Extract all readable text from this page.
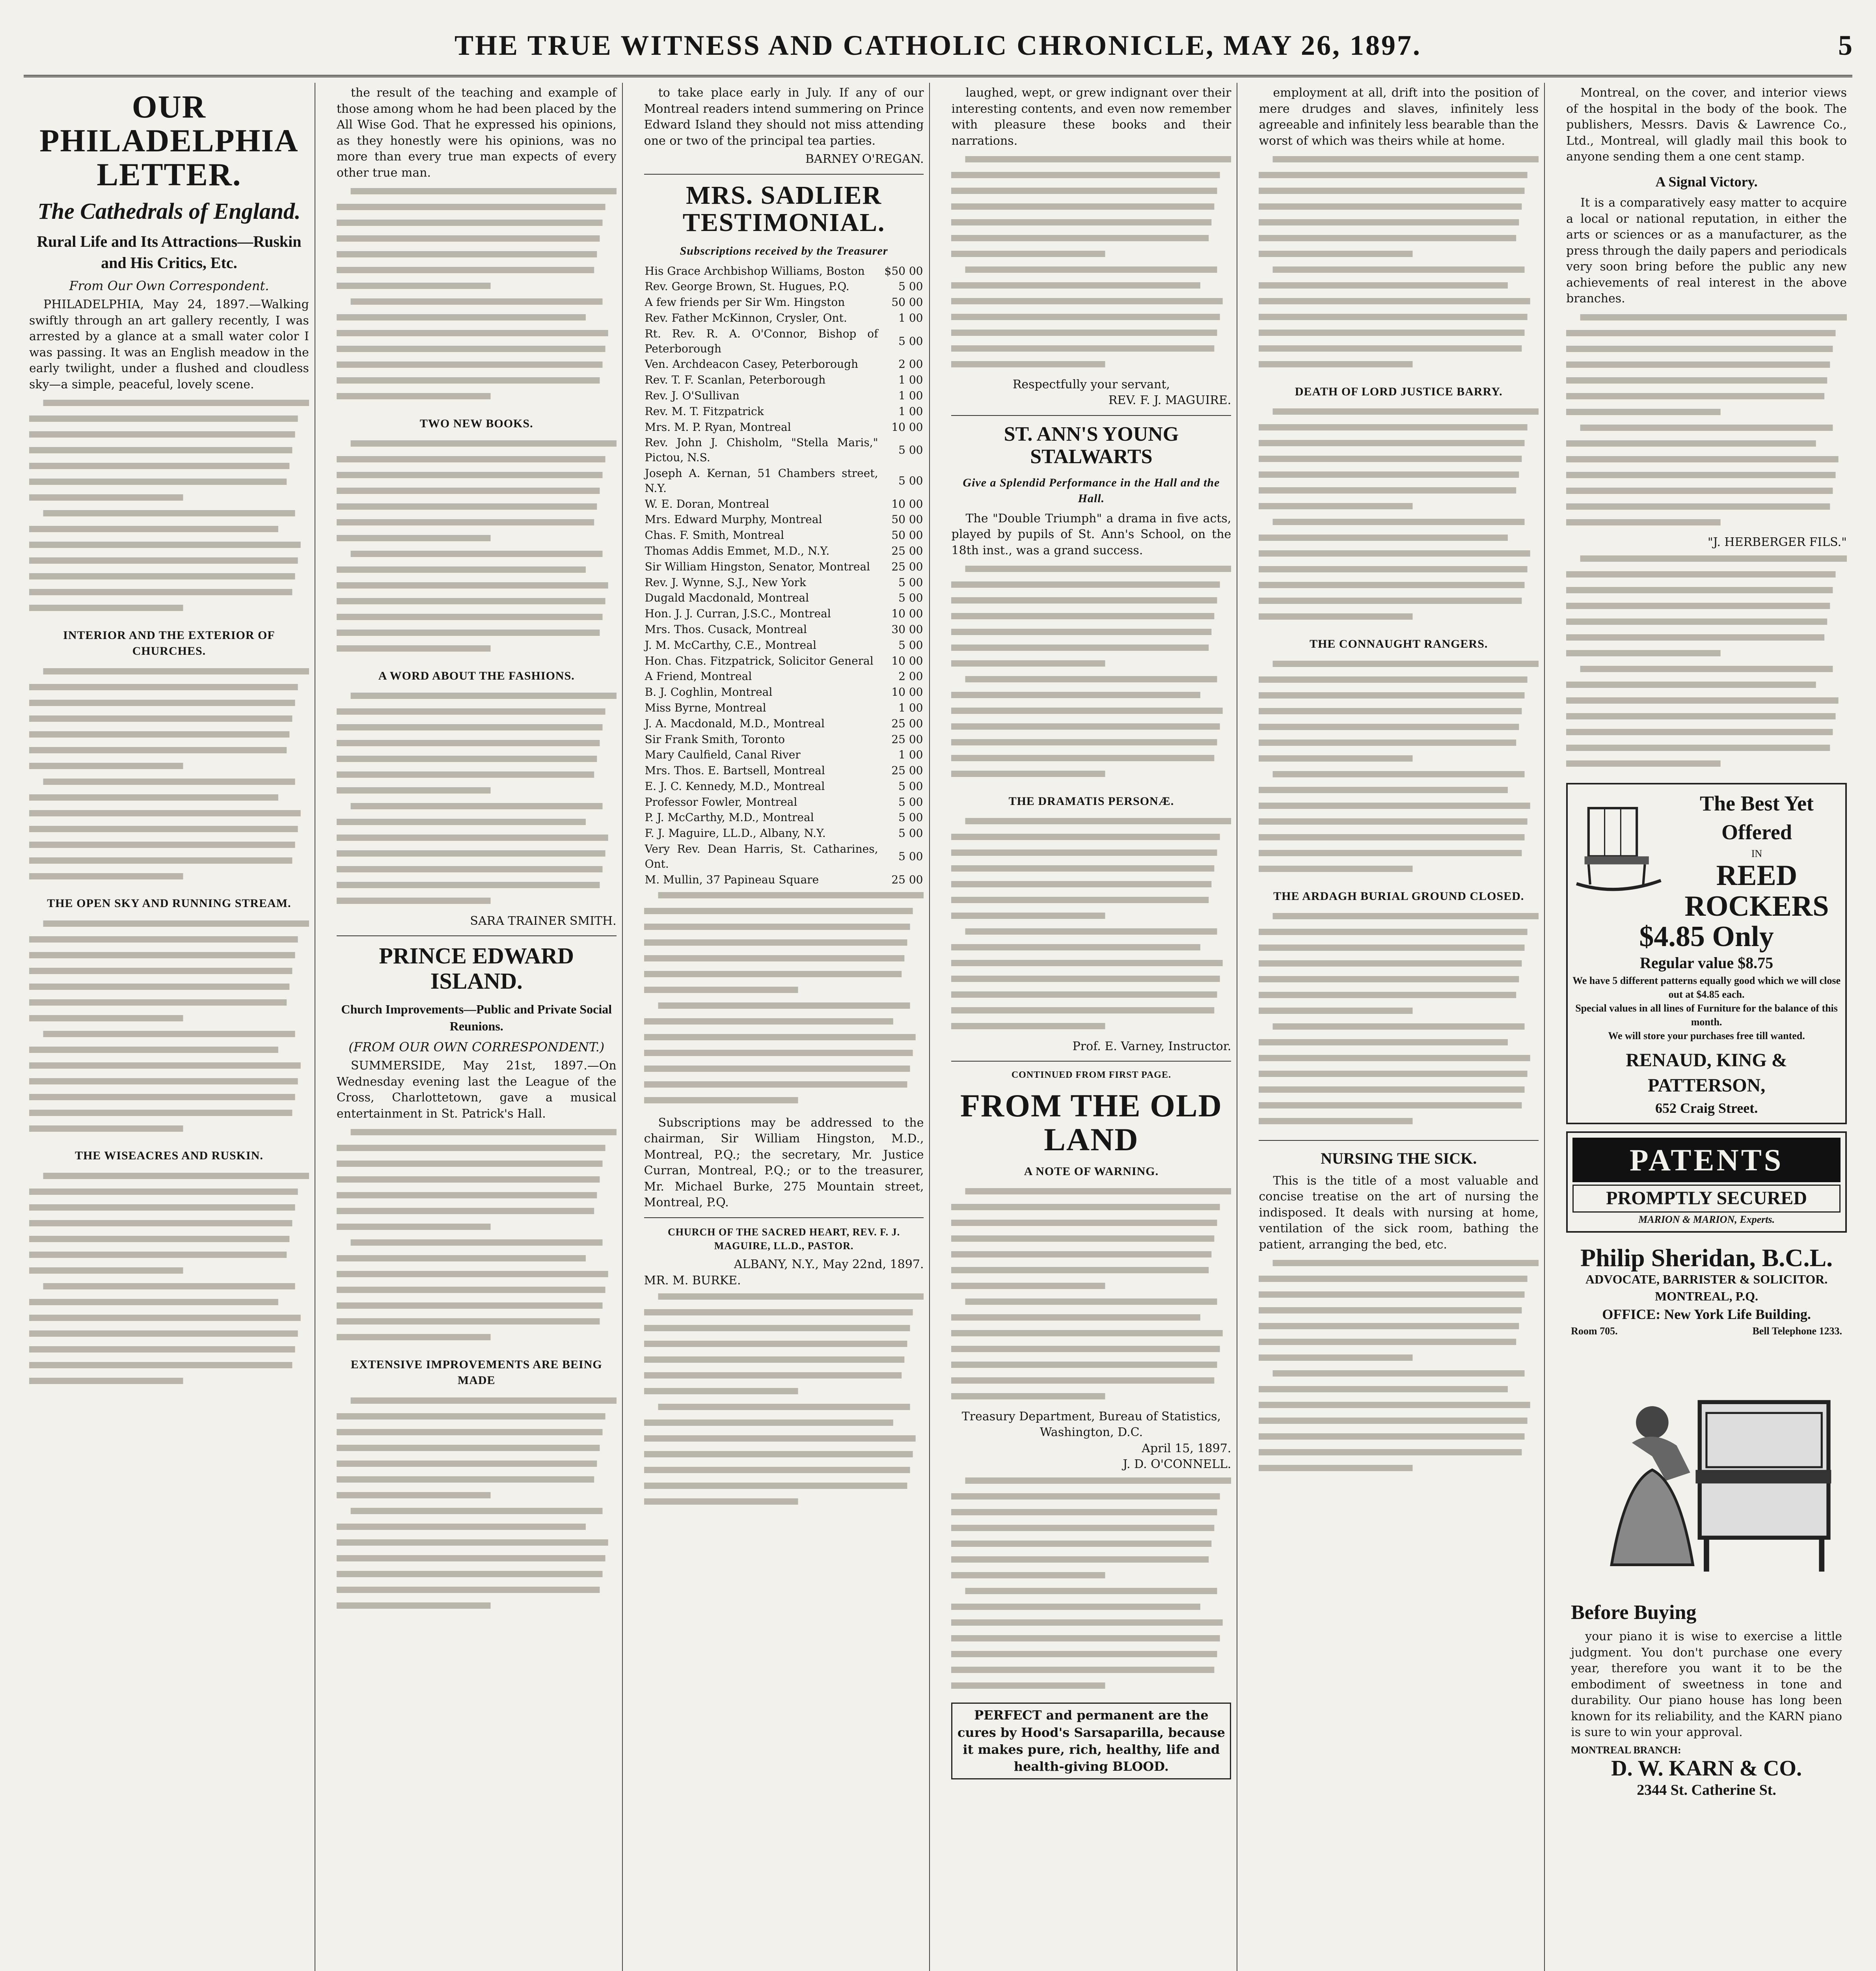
THE TRUE WITNESS AND CATHOLIC CHRONICLE, MAY 26, 1897.	5
OUR PHILADELPHIA LETTER.
The Cathedrals of England.
Rural Life and Its Attractions—Ruskin and His Critics, Etc.
From Our Own Correspondent.

PHILADELPHIA, May 24, 1897.—Walking swiftly through an art gallery recently, I was arrested by a glance at a small water color I was passing. It was an English meadow in the early twilight, under a flushed and cloudless sky—a simple, peaceful, lovely scene.

INTERIOR AND THE EXTERIOR OF CHURCHES.
THE OPEN SKY AND RUNNING STREAM.
THE WISEACRES AND RUSKIN.

the result of the teaching and example of those among whom he had been placed by the All Wise God. That he expressed his opinions, as they honestly were his opinions, was no more than every true man expects of every other true man.

TWO NEW BOOKS.
A WORD ABOUT THE FASHIONS.
SARA TRAINER SMITH.
PRINCE EDWARD ISLAND.
Church Improvements—Public and Private Social Reunions.
(FROM OUR OWN CORRESPONDENT.)

SUMMERSIDE, May 21st, 1897.—On Wednesday evening last the League of the Cross, Charlottetown, gave a musical entertainment in St. Patrick's Hall.

EXTENSIVE IMPROVEMENTS ARE BEING MADE

to take place early in July. If any of our Montreal readers intend summering on Prince Edward Island they should not miss attending one or two of the principal tea parties.

BARNEY O'REGAN.
MRS. SADLIER TESTIMONIAL.
Subscriptions received by the Treasurer
His Grace Archbishop Williams, Boston	$50 00
Rev. George Brown, St. Hugues, P.Q.	5 00
A few friends per Sir Wm. Hingston	50 00
Rev. Father McKinnon, Crysler, Ont.	1 00
Rt. Rev. R. A. O'Connor, Bishop of Peterborough	5 00
Ven. Archdeacon Casey, Peterborough	2 00
Rev. T. F. Scanlan, Peterborough	1 00
Rev. J. O'Sullivan	1 00
Rev. M. T. Fitzpatrick	1 00
Mrs. M. P. Ryan, Montreal	10 00
Rev. John J. Chisholm, "Stella Maris," Pictou, N.S.	5 00
Joseph A. Kernan, 51 Chambers street, N.Y.	5 00
W. E. Doran, Montreal	10 00
Mrs. Edward Murphy, Montreal	50 00
Chas. F. Smith, Montreal	50 00
Thomas Addis Emmet, M.D., N.Y.	25 00
Sir William Hingston, Senator, Montreal	25 00
Rev. J. Wynne, S.J., New York	5 00
Dugald Macdonald, Montreal	5 00
Hon. J. J. Curran, J.S.C., Montreal	10 00
Mrs. Thos. Cusack, Montreal	30 00
J. M. McCarthy, C.E., Montreal	5 00
Hon. Chas. Fitzpatrick, Solicitor General	10 00
A Friend, Montreal	2 00
B. J. Coghlin, Montreal	10 00
Miss Byrne, Montreal	1 00
J. A. Macdonald, M.D., Montreal	25 00
Sir Frank Smith, Toronto	25 00
Mary Caulfield, Canal River	1 00
Mrs. Thos. E. Bartsell, Montreal	25 00
E. J. C. Kennedy, M.D., Montreal	5 00
Professor Fowler, Montreal	5 00
P. J. McCarthy, M.D., Montreal	5 00
F. J. Maguire, LL.D., Albany, N.Y.	5 00
Very Rev. Dean Harris, St. Catharines, Ont.	5 00
M. Mullin, 37 Papineau Square	25 00

Subscriptions may be addressed to the chairman, Sir William Hingston, M.D., Montreal, P.Q.; the secretary, Mr. Justice Curran, Montreal, P.Q.; or to the treasurer, Mr. Michael Burke, 275 Mountain street, Montreal, P.Q.

CHURCH OF THE SACRED HEART, REV. F. J. MAGUIRE, LL.D., PASTOR.
ALBANY, N.Y., May 22nd, 1897.
MR. M. BURKE.

laughed, wept, or grew indignant over their interesting contents, and even now remember with pleasure these books and their narrations.

Respectfully your servant,
REV. F. J. MAGUIRE.
ST. ANN'S YOUNG STALWARTS
Give a Splendid Performance in the Hall and the Hall.

The "Double Triumph" a drama in five acts, played by pupils of St. Ann's School, on the 18th inst., was a grand success.

THE DRAMATIS PERSONÆ.
Prof. E. Varney, Instructor.
CONTINUED FROM FIRST PAGE.
FROM THE OLD LAND
A NOTE OF WARNING.
Treasury Department, Bureau of Statistics, Washington, D.C.
April 15, 1897.
J. D. O'CONNELL.
PERFECT and permanent are the cures by Hood's Sarsaparilla, because it makes pure, rich, healthy, life and health-giving BLOOD.

employment at all, drift into the position of mere drudges and slaves, infinitely less agreeable and infinitely less bearable than the worst of which was theirs while at home.

DEATH OF LORD JUSTICE BARRY.
THE CONNAUGHT RANGERS.
THE ARDAGH BURIAL GROUND CLOSED.
NURSING THE SICK.

This is the title of a most valuable and concise treatise on the art of nursing the indisposed. It deals with nursing at home, ventilation of the sick room, bathing the patient, arranging the bed, etc.

Montreal, on the cover, and interior views of the hospital in the body of the book. The publishers, Messrs. Davis & Lawrence Co., Ltd., Montreal, will gladly mail this book to anyone sending them a one cent stamp.

A Signal Victory.

It is a comparatively easy matter to acquire a local or national reputation, in either the arts or sciences or as a manufacturer, as the press through the daily papers and periodicals very soon bring before the public any new achievements of real interest in the above branches.

"J. HERBERGER FILS."
The Best Yet Offered
IN
REED ROCKERS
$4.85 Only
Regular value $8.75
We have 5 different patterns equally good which we will close out at $4.85 each.
Special values in all lines of Furniture for the balance of this month.
We will store your purchases free till wanted.
RENAUD, KING & PATTERSON,
652 Craig Street.
PATENTS
PROMPTLY SECURED
MARION & MARION, Experts.
Philip Sheridan, B.C.L.
ADVOCATE, BARRISTER & SOLICITOR.
MONTREAL, P.Q.
OFFICE: New York Life Building.
Room 705.	Bell Telephone 1233.
Before Buying

your piano it is wise to exercise a little judgment. You don't purchase one every year, therefore you want it to be the embodiment of sweetness in tone and durability. Our piano house has long been known for its reliability, and the KARN piano is sure to win your approval.

MONTREAL BRANCH:
D. W. KARN & CO.
2344 St. Catherine St.
